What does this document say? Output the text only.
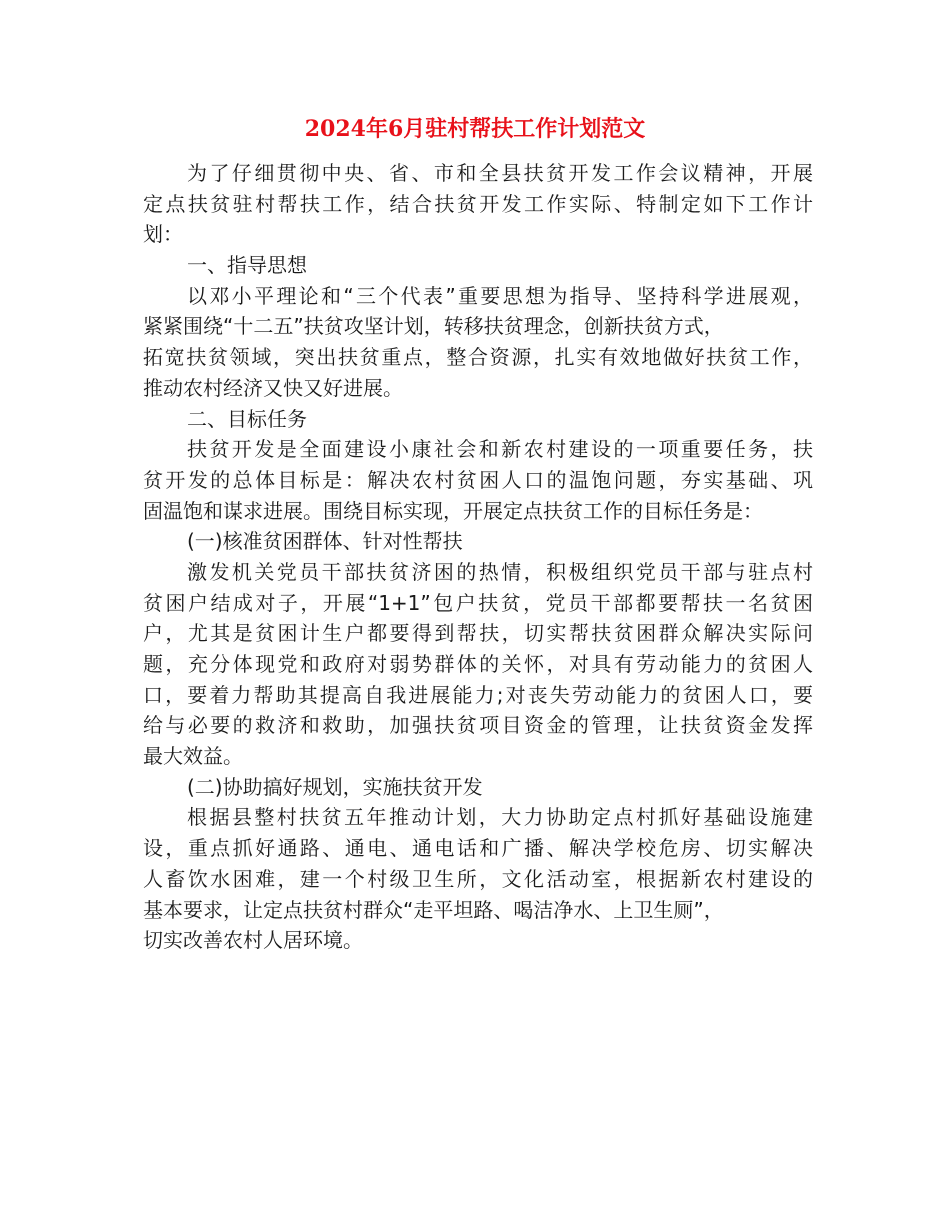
2024年6月驻村帮扶工作计划范文
为了仔细贯彻中央、省、市和全县扶贫开发工作会议精神，开展
定点扶贫驻村帮扶工作，结合扶贫开发工作实际、特制定如下工作计
划：
一、指导思想
以邓小平理论和“三个代表”重要思想为指导、坚持科学进展观，
紧紧围绕“十二五”扶贫攻坚计划，转移扶贫理念，创新扶贫方式，
拓宽扶贫领域，突出扶贫重点，整合资源，扎实有效地做好扶贫工作，
推动农村经济又快又好进展。
二、目标任务
扶贫开发是全面建设小康社会和新农村建设的一项重要任务，扶
贫开发的总体目标是：解决农村贫困人口的温饱问题，夯实基础、巩
固温饱和谋求进展。围绕目标实现，开展定点扶贫工作的目标任务是：
(一)核准贫困群体、针对性帮扶
激发机关党员干部扶贫济困的热情，积极组织党员干部与驻点村
贫困户结成对子，开展“1+1”包户扶贫，党员干部都要帮扶一名贫困
户，尤其是贫困计生户都要得到帮扶，切实帮扶贫困群众解决实际问
题，充分体现党和政府对弱势群体的关怀，对具有劳动能力的贫困人
口，要着力帮助其提高自我进展能力;对丧失劳动能力的贫困人口，要
给与必要的救济和救助，加强扶贫项目资金的管理，让扶贫资金发挥
最大效益。
(二)协助搞好规划，实施扶贫开发
根据县整村扶贫五年推动计划，大力协助定点村抓好基础设施建
设，重点抓好通路、通电、通电话和广播、解决学校危房、切实解决
人畜饮水困难，建一个村级卫生所，文化活动室，根据新农村建设的
基本要求，让定点扶贫村群众“走平坦路、喝洁净水、上卫生厕”，
切实改善农村人居环境。
